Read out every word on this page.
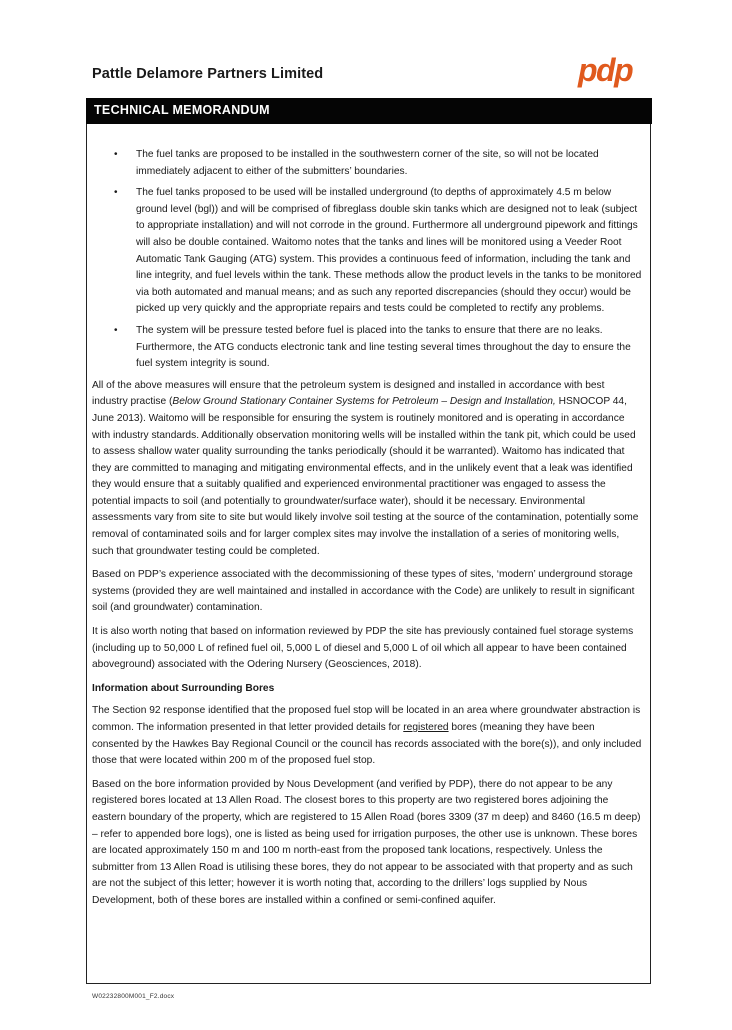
Pattle Delamore Partners Limited	pdp
TECHNICAL MEMORANDUM
• The fuel tanks are proposed to be installed in the southwestern corner of the site, so will not be located immediately adjacent to either of the submitters’ boundaries.
• The fuel tanks proposed to be used will be installed underground (to depths of approximately 4.5 m below ground level (bgl)) and will be comprised of fibreglass double skin tanks which are designed not to leak (subject to appropriate installation) and will not corrode in the ground. Furthermore all underground pipework and fittings will also be double contained. Waitomo notes that the tanks and lines will be monitored using a Veeder Root Automatic Tank Gauging (ATG) system. This provides a continuous feed of information, including the tank and line integrity, and fuel levels within the tank. These methods allow the product levels in the tanks to be monitored via both automated and manual means; and as such any reported discrepancies (should they occur) would be picked up very quickly and the appropriate repairs and tests could be completed to rectify any problems.
• The system will be pressure tested before fuel is placed into the tanks to ensure that there are no leaks. Furthermore, the ATG conducts electronic tank and line testing several times throughout the day to ensure the fuel system integrity is sound.

All of the above measures will ensure that the petroleum system is designed and installed in accordance with best industry practise (Below Ground Stationary Container Systems for Petroleum – Design and Installation, HSNOCOP 44, June 2013). Waitomo will be responsible for ensuring the system is routinely monitored and is operating in accordance with industry standards. Additionally observation monitoring wells will be installed within the tank pit, which could be used to assess shallow water quality surrounding the tanks periodically (should it be warranted). Waitomo has indicated that they are committed to managing and mitigating environmental effects, and in the unlikely event that a leak was identified they would ensure that a suitably qualified and experienced environmental practitioner was engaged to assess the potential impacts to soil (and potentially to groundwater/surface water), should it be necessary. Environmental assessments vary from site to site but would likely involve soil testing at the source of the contamination, potentially some removal of contaminated soils and for larger complex sites may involve the installation of a series of monitoring wells, such that groundwater testing could be completed.

Based on PDP’s experience associated with the decommissioning of these types of sites, ‘modern’ underground storage systems (provided they are well maintained and installed in accordance with the Code) are unlikely to result in significant soil (and groundwater) contamination.

It is also worth noting that based on information reviewed by PDP the site has previously contained fuel storage systems (including up to 50,000 L of refined fuel oil, 5,000 L of diesel and 5,000 L of oil which all appear to have been contained aboveground) associated with the Odering Nursery (Geosciences, 2018).

Information about Surrounding Bores

The Section 92 response identified that the proposed fuel stop will be located in an area where groundwater abstraction is common. The information presented in that letter provided details for registered bores (meaning they have been consented by the Hawkes Bay Regional Council or the council has records associated with the bore(s)), and only included those that were located within 200 m of the proposed fuel stop.

Based on the bore information provided by Nous Development (and verified by PDP), there do not appear to be any registered bores located at 13 Allen Road. The closest bores to this property are two registered bores adjoining the eastern boundary of the property, which are registered to 15 Allen Road (bores 3309 (37 m deep) and 8460 (16.5 m deep) – refer to appended bore logs), one is listed as being used for irrigation purposes, the other use is unknown. These bores are located approximately 150 m and 100 m north-east from the proposed tank locations, respectively. Unless the submitter from 13 Allen Road is utilising these bores, they do not appear to be associated with that property and as such are not the subject of this letter; however it is worth noting that, according to the drillers’ logs supplied by Nous Development, both of these bores are installed within a confined or semi-confined aquifer.

W02232800M001_F2.docx
